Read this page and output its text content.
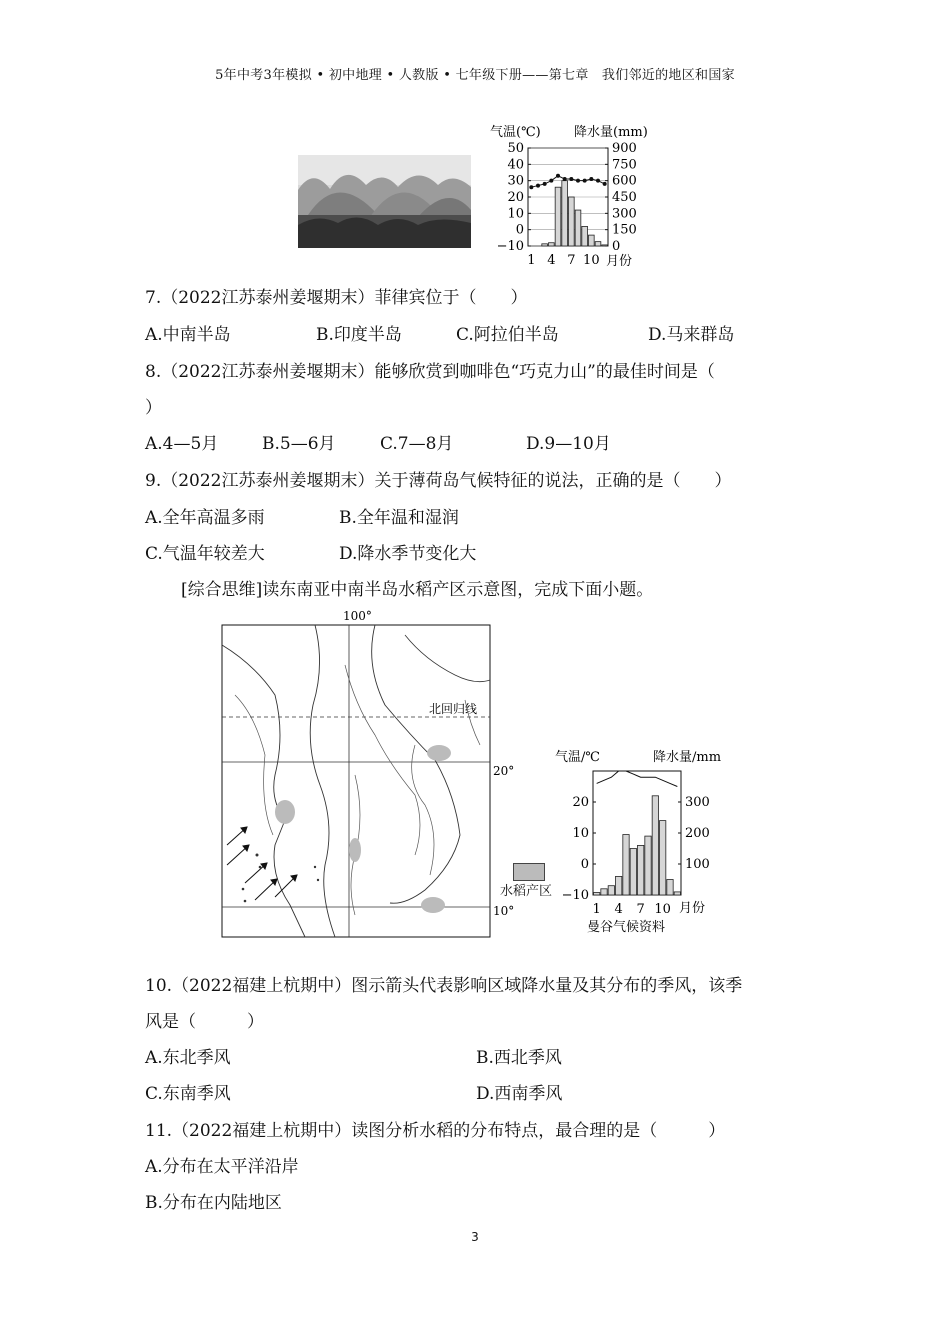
5年中考3年模拟 • 初中地理 • 人教版 • 七年级下册——第七章　我们邻近的地区和国家
气温(℃)	降水量(mm)
50
40
30
20
10
0
−10
900
750
600
450
300
150
0
1 4 7 10 月份
7.（2022江苏泰州姜堰期末）菲律宾位于（　　）
A.中南半岛	B.印度半岛	C.阿拉伯半岛	D.马来群岛
8.（2022江苏泰州姜堰期末）能够欣赏到咖啡色“巧克力山”的最佳时间是（
）
A.4—5月	B.5—6月	C.7—8月	D.9—10月
9.（2022江苏泰州姜堰期末）关于薄荷岛气候特征的说法，正确的是（　　）
A.全年高温多雨	B.全年温和湿润
C.气温年较差大	D.降水季节变化大
[综合思维]读东南亚中南半岛水稻产区示意图，完成下面小题。
100°
北回归线
20°
10°
水稻产区
气温/℃	降水量/mm
20
10
0
−10
300
200
100
1 4 7 10 月份
曼谷气候资料
10.（2022福建上杭期中）图示箭头代表影响区域降水量及其分布的季风，该季
风是（　　　）
A.东北季风	B.西北季风
C.东南季风	D.西南季风
11.（2022福建上杭期中）读图分析水稻的分布特点，最合理的是（　　　）
A.分布在太平洋沿岸
B.分布在内陆地区
3
